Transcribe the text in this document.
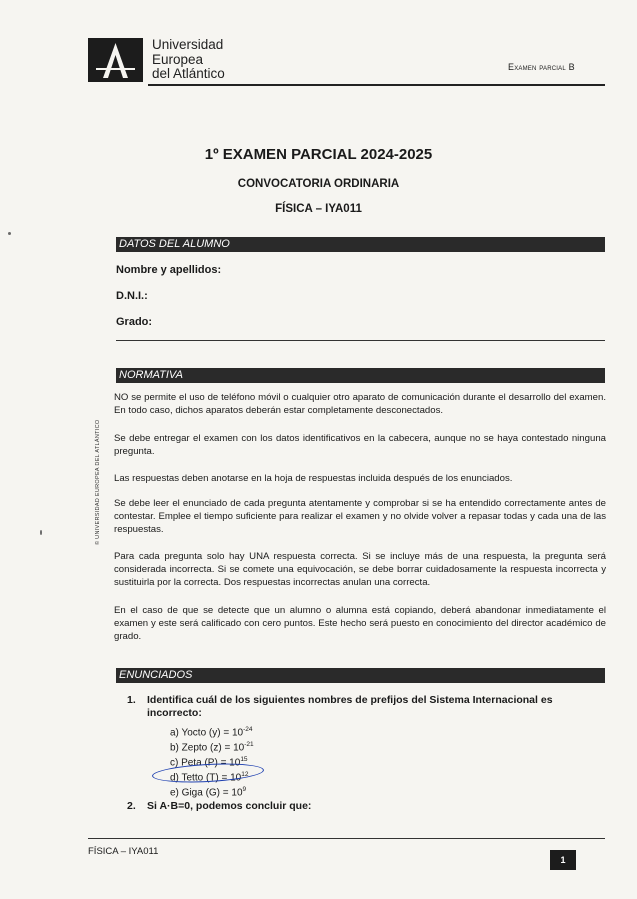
Universidad
Europea
del Atlántico	Examen parcial B
1º EXAMEN PARCIAL 2024-2025
CONVOCATORIA ORDINARIA
FÍSICA – IYA011
DATOS DEL ALUMNO
Nombre y apellidos:
D.N.I.:
Grado:
NORMATIVA
NO se permite el uso de teléfono móvil o cualquier otro aparato de comunicación durante el desarrollo del examen. En todo caso, dichos aparatos deberán estar completamente desconectados.
Se debe entregar el examen con los datos identificativos en la cabecera, aunque no se haya contestado ninguna pregunta.
Las respuestas deben anotarse en la hoja de respuestas incluida después de los enunciados.
Se debe leer el enunciado de cada pregunta atentamente y comprobar si se ha entendido correctamente antes de contestar. Emplee el tiempo suficiente para realizar el examen y no olvide volver a repasar todas y cada una de las respuestas.
Para cada pregunta solo hay UNA respuesta correcta. Si se incluye más de una respuesta, la pregunta será considerada incorrecta. Si se comete una equivocación, se debe borrar cuidadosamente la respuesta incorrecta y sustituirla por la correcta. Dos respuestas incorrectas anulan una correcta.
En el caso de que se detecte que un alumno o alumna está copiando, deberá abandonar inmediatamente el examen y este será calificado con cero puntos. Este hecho será puesto en conocimiento del director académico de grado.
ENUNCIADOS
1. Identifica cuál de los siguientes nombres de prefijos del Sistema Internacional es incorrecto:
a) Yocto $(y) = 10^{-24}$
b) Zepto $(z) = 10^{-21}$
c) Peta $(P) = 10^{15}$
d) Tetto $(T) = 10^{12}$
e) Giga $(G) = 10^9$
2. Si A·B=0, podemos concluir que:
FÍSICA – IYA011
1
© UNIVERSIDAD EUROPEA DEL ATLÁNTICO
